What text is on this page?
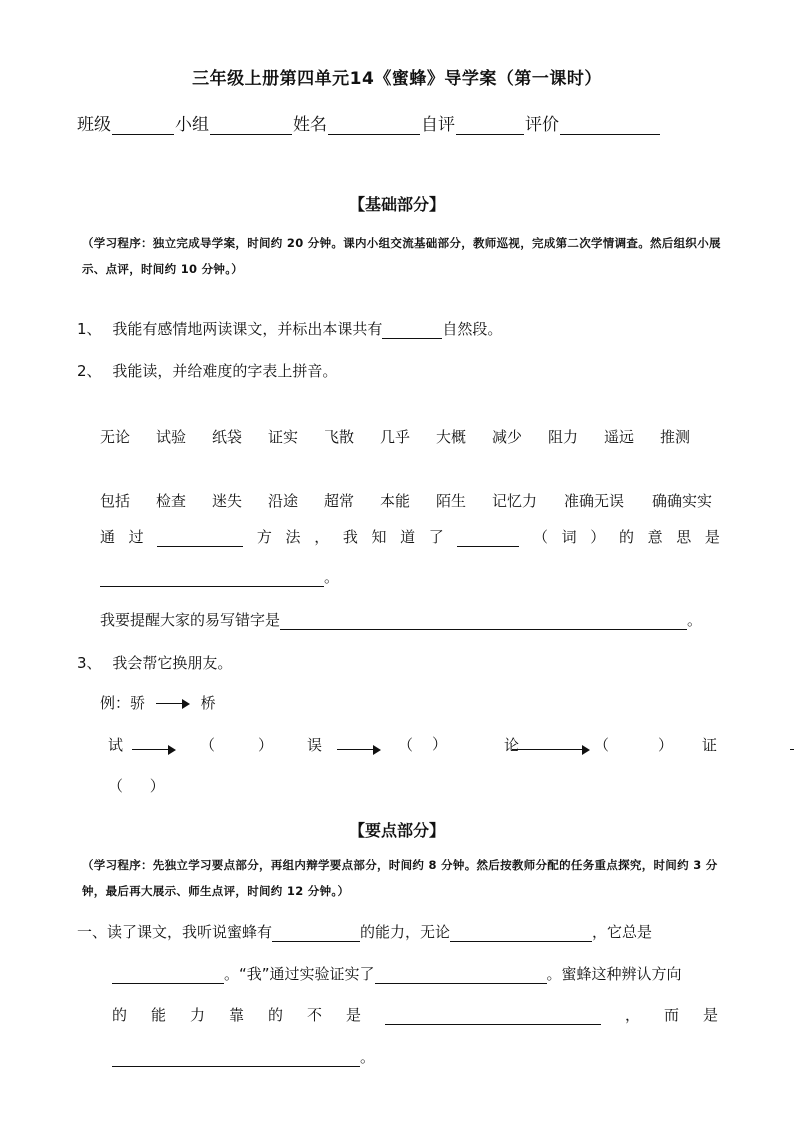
三年级上册第四单元14《蜜蜂》导学案（第一课时）
班级	小组	姓名	自评	评价
【基础部分】
（学习程序：独立完成导学案，时间约 20 分钟。课内小组交流基础部分，教师巡视，完成第二次学情调查。然后组织小展示、点评，时间约 10 分钟。）
1、 我能有感情地两读课文，并标出本课共有	自然段。
2、 我能读，并给难度的字表上拼音。
无论 试验 纸袋 证实 飞散 几乎 大概 减少 阻力 遥远 推测
包括 检查 迷失 沿途 超常 本能 陌生 记忆力 准确无误 确确实实
通 过	方 法 ， 我 知 道 了	（ 词 ） 的 意 思 是
。
我要提醒大家的易写错字是	。
3、 我会帮它换朋友。
例：骄	桥
试
	（	）
误	（
）	论	（	） 证
（ ）
【要点部分】
（学习程序：先独立学习要点部分，再组内辩学要点部分，时间约 8 分钟。然后按教师分配的任务重点探究，时间约 3 分钟，最后再大展示、师生点评，时间约 12 分钟。）
一、读了课文，我听说蜜蜂有	的能力，无论	，它总是
。“我”通过实验证实了	。蜜蜂这种辨认方向
的 能 力 靠 的 不 是	， 而 是
。
